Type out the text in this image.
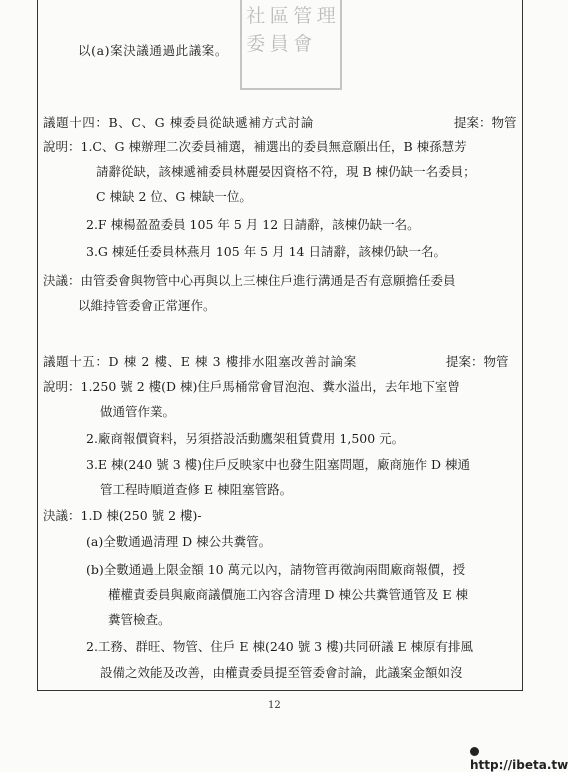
社 區 管 理
委 員 會
以(a)案決議通過此議案。
議題十四：B、C、G 棟委員從缺遞補方式討論	提案：物管
說明：1.C、G 棟辦理二次委員補選，補選出的委員無意願出任，B 棟孫慧芳
請辭從缺，該棟遞補委員林麗晏因資格不符，現 B 棟仍缺一名委員；
C 棟缺 2 位、G 棟缺一位。
2.F 棟楊盈盈委員 105 年 5 月 12 日請辭，該棟仍缺一名。
3.G 棟延任委員林燕月 105 年 5 月 14 日請辭，該棟仍缺一名。
決議：由管委會與物管中心再與以上三棟住戶進行溝通是否有意願擔任委員
以維持管委會正常運作。
議題十五：D 棟 2 樓、E 棟 3 樓排水阻塞改善討論案	提案：物管
說明：1.250 號 2 樓(D 棟)住戶馬桶常會冒泡泡、糞水溢出，去年地下室曾
做通管作業。
2.廠商報價資料，另須搭設活動鷹架租賃費用 1,500 元。
3.E 棟(240 號 3 樓)住戶反映家中也發生阻塞問題，廠商施作 D 棟通
管工程時順道查修 E 棟阻塞管路。
決議：1.D 棟(250 號 2 樓)-
(a)全數通過清理 D 棟公共糞管。
(b)全數通過上限金額 10 萬元以內，請物管再徵詢兩間廠商報價，授
權權責委員與廠商議價施工內容含清理 D 棟公共糞管通管及 E 棟
糞管檢查。
2.工務、群旺、物管、住戶 E 棟(240 號 3 樓)共同研議 E 棟原有排風
設備之效能及改善，由權責委員提至管委會討論，此議案金額如沒
12
http://ibeta.tw
